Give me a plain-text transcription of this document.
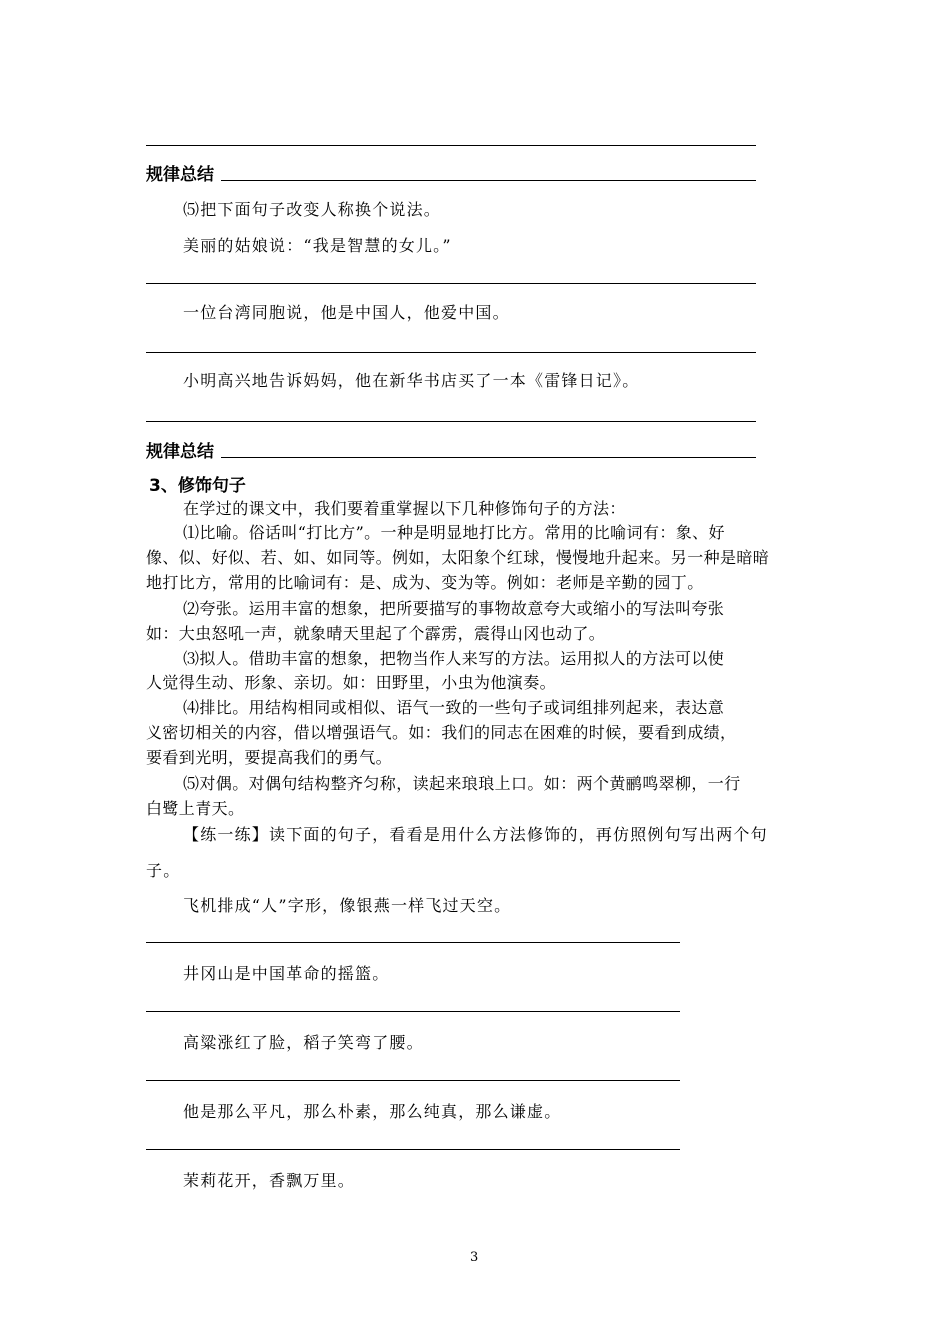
规律总结
⑸把下面句子改变人称换个说法。
美丽的姑娘说：“我是智慧的女儿。”
一位台湾同胞说，他是中国人，他爱中国。
小明高兴地告诉妈妈，他在新华书店买了一本《雷锋日记》。
规律总结
3、修饰句子
在学过的课文中，我们要着重掌握以下几种修饰句子的方法：
⑴比喻。俗话叫“打比方”。一种是明显地打比方。常用的比喻词有：象、好
像、似、好似、若、如、如同等。例如，太阳象个红球，慢慢地升起来。另一种是暗暗
地打比方，常用的比喻词有：是、成为、变为等。例如：老师是辛勤的园丁。
⑵夸张。运用丰富的想象，把所要描写的事物故意夸大或缩小的写法叫夸张
如：大虫怒吼一声，就象晴天里起了个霹雳，震得山冈也动了。
⑶拟人。借助丰富的想象，把物当作人来写的方法。运用拟人的方法可以使
人觉得生动、形象、亲切。如：田野里，小虫为他演奏。
⑷排比。用结构相同或相似、语气一致的一些句子或词组排列起来，表达意
义密切相关的内容，借以增强语气。如：我们的同志在困难的时候，要看到成绩，
要看到光明，要提高我们的勇气。
⑸对偶。对偶句结构整齐匀称，读起来琅琅上口。如：两个黄鹂鸣翠柳，一行
白鹭上青天。
【练一练】读下面的句子，看看是用什么方法修饰的，再仿照例句写出两个句
子。
飞机排成“人”字形，像银燕一样飞过天空。
井冈山是中国革命的摇篮。
高粱涨红了脸，稻子笑弯了腰。
他是那么平凡，那么朴素，那么纯真，那么谦虚。
茉莉花开，香飘万里。
3
